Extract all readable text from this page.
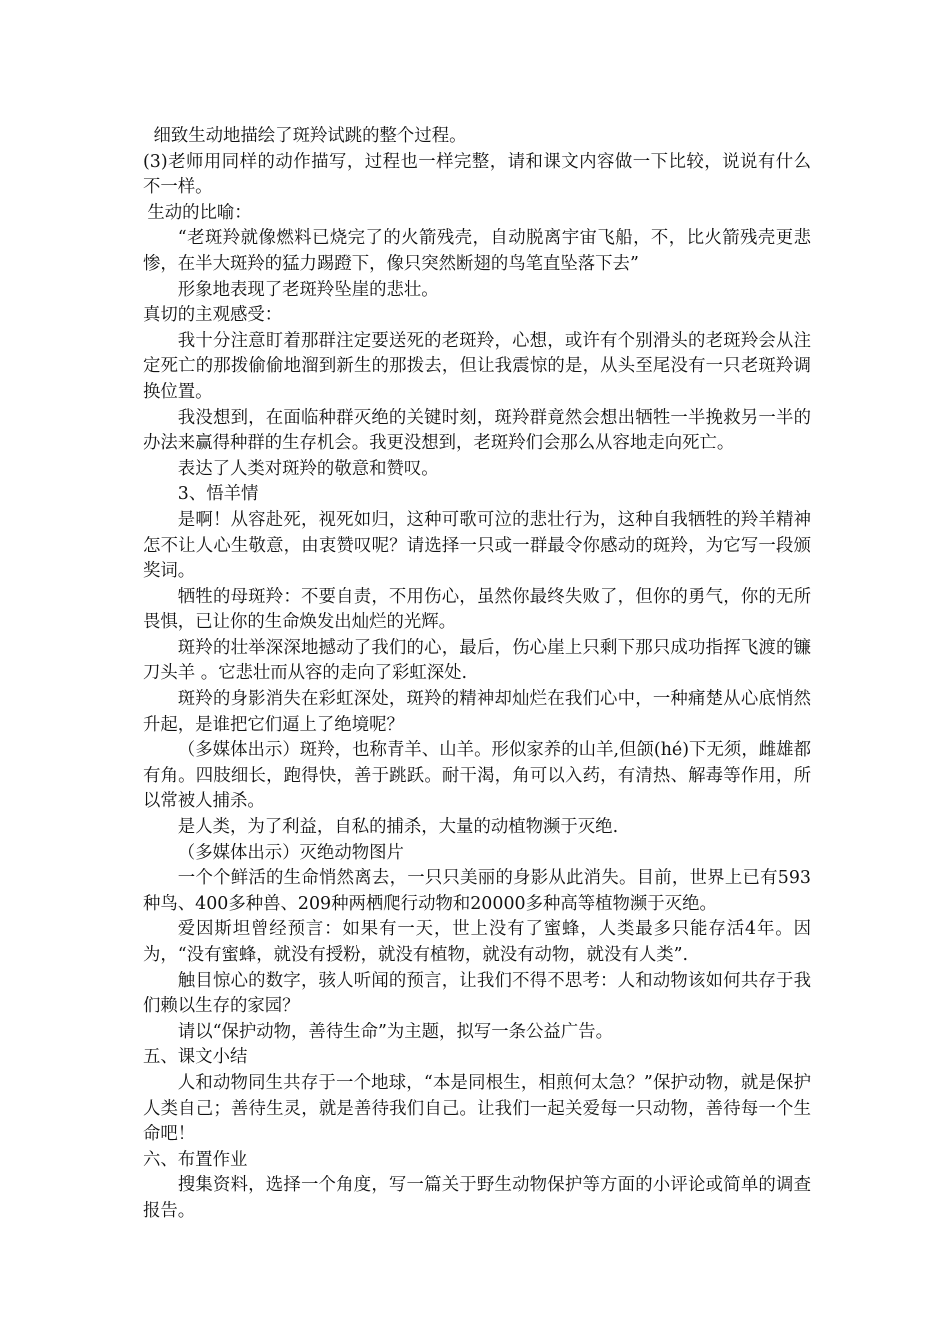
细致生动地描绘了斑羚试跳的整个过程。

(3)老师用同样的动作描写，过程也一样完整，请和课文内容做一下比较，说说有什么不一样。

生动的比喻：

“老斑羚就像燃料已烧完了的火箭残壳，自动脱离宇宙飞船，不，比火箭残壳更悲惨，在半大斑羚的猛力踢蹬下，像只突然断翅的鸟笔直坠落下去”

形象地表现了老斑羚坠崖的悲壮。

真切的主观感受：

我十分注意盯着那群注定要送死的老斑羚，心想，或许有个别滑头的老斑羚会从注定死亡的那拨偷偷地溜到新生的那拨去，但让我震惊的是，从头至尾没有一只老斑羚调换位置。

我没想到，在面临种群灭绝的关键时刻，斑羚群竟然会想出牺牲一半挽救另一半的办法来赢得种群的生存机会。我更没想到，老斑羚们会那么从容地走向死亡。

表达了人类对斑羚的敬意和赞叹。

3、悟羊情

是啊！从容赴死，视死如归，这种可歌可泣的悲壮行为，这种自我牺牲的羚羊精神怎不让人心生敬意，由衷赞叹呢？请选择一只或一群最令你感动的斑羚，为它写一段颁奖词。

牺牲的母斑羚：不要自责，不用伤心，虽然你最终失败了，但你的勇气，你的无所畏惧，已让你的生命焕发出灿烂的光辉。

斑羚的壮举深深地撼动了我们的心，最后，伤心崖上只剩下那只成功指挥飞渡的镰刀头羊 。它悲壮而从容的走向了彩虹深处.

斑羚的身影消失在彩虹深处，斑羚的精神却灿烂在我们心中，一种痛楚从心底悄然升起，是谁把它们逼上了绝境呢？

（多媒体出示）斑羚，也称青羊、山羊。形似家养的山羊,但颌(hé)下无须，雌雄都有角。四肢细长，跑得快，善于跳跃。耐干渴，角可以入药，有清热、解毒等作用，所以常被人捕杀。

是人类，为了利益，自私的捕杀，大量的动植物濒于灭绝.

（多媒体出示）灭绝动物图片

一个个鲜活的生命悄然离去，一只只美丽的身影从此消失。目前，世界上已有593种鸟、400多种兽、209种两栖爬行动物和20000多种高等植物濒于灭绝。

爱因斯坦曾经预言：如果有一天，世上没有了蜜蜂，人类最多只能存活4年。因为，“没有蜜蜂，就没有授粉，就没有植物，就没有动物，就没有人类”.

触目惊心的数字，骇人听闻的预言，让我们不得不思考：人和动物该如何共存于我们赖以生存的家园？

请以“保护动物，善待生命”为主题，拟写一条公益广告。

五、课文小结

人和动物同生共存于一个地球，“本是同根生，相煎何太急？”保护动物，就是保护人类自己；善待生灵，就是善待我们自己。让我们一起关爱每一只动物，善待每一个生命吧！

六、布置作业

搜集资料，选择一个角度，写一篇关于野生动物保护等方面的小评论或简单的调查报告。
